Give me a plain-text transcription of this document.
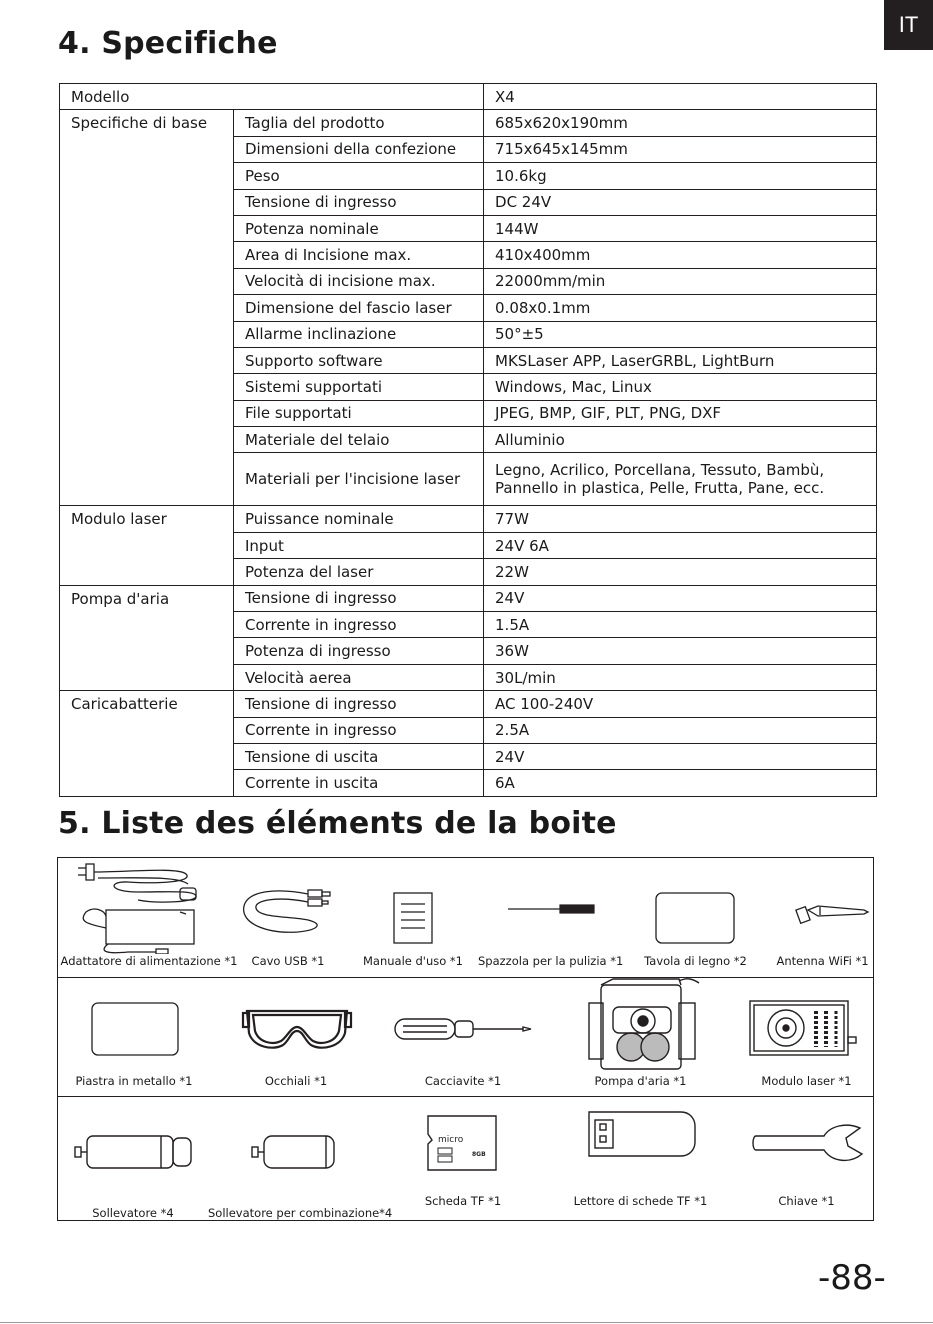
IT
4. Specifiche
Modello		X4
Specifiche di base	Taglia del prodotto	685x620x190mm
	Dimensioni della confezione	715x645x145mm
	Peso	10.6kg
	Tensione di ingresso	DC 24V
	Potenza nominale	144W
	Area di Incisione max.	410x400mm
	Velocità di incisione max.	22000mm/min
	Dimensione del fascio laser	0.08x0.1mm
	Allarme inclinazione	50°±5
	Supporto software	MKSLaser APP, LaserGRBL, LightBurn
	Sistemi supportati	Windows, Mac, Linux
	File supportati	JPEG, BMP, GIF, PLT, PNG, DXF
	Materiale del telaio	Alluminio
	Materiali per l'incisione laser	Legno, Acrilico, Porcellana, Tessuto, Bambù, Pannello in plastica, Pelle, Frutta, Pane, ecc.
Modulo laser	Puissance nominale	77W
	Input	24V 6A
	Potenza del laser	22W
Pompa d'aria	Tensione di ingresso	24V
	Corrente in ingresso	1.5A
	Potenza di ingresso	36W
	Velocità aerea	30L/min
Caricabatterie	Tensione di ingresso	AC 100-240V
	Corrente in ingresso	2.5A
	Tensione di uscita	24V
	Corrente in uscita	6A
5. Liste des éléments de la boite
Adattatore di alimentazione *1	Cavo USB *1	Manuale d'uso *1	Spazzola per la pulizia *1	Tavola di legno *2	Antenna WiFi *1
Piastra in metallo *1	Occhiali *1	Cacciavite *1	Pompa d'aria *1	Modulo laser *1
Sollevatore *4	Sollevatore per combinazione*4
micro
8GB
Scheda TF *1	Lettore di schede TF *1	Chiave *1
-88-
